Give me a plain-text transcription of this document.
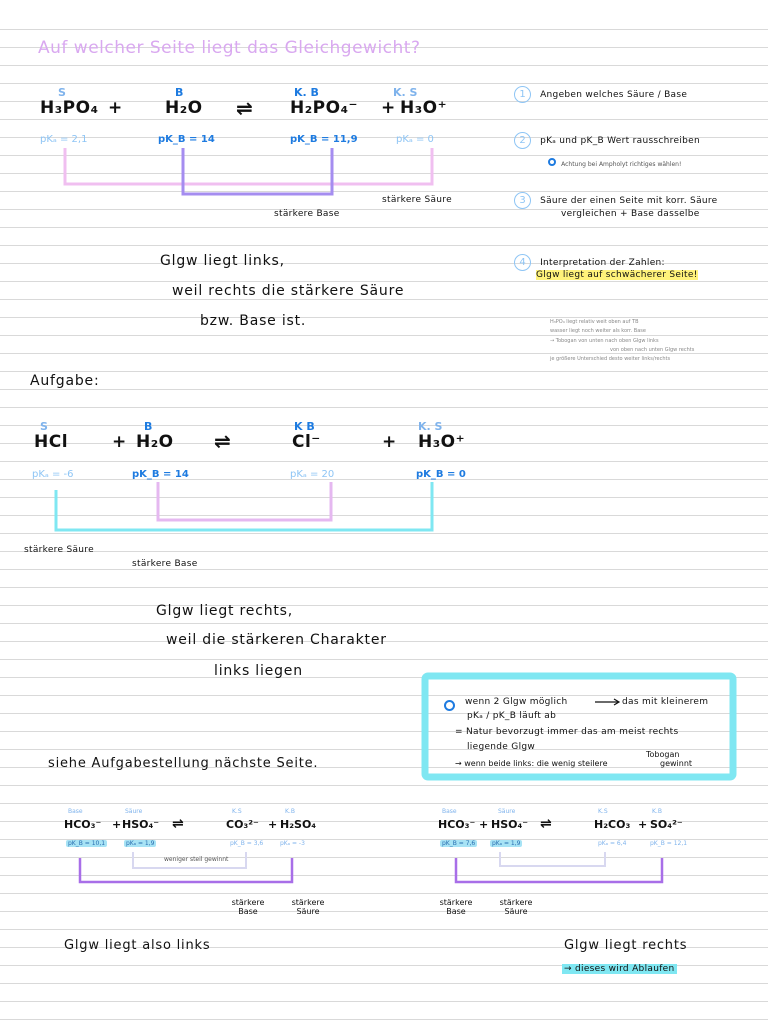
Auf welcher Seite liegt das Gleichgewicht?
S	B	K. B	K. S
H₃PO₄ + H₂O ⇌ H₂PO₄⁻ + H₃O⁺
pKₐ = 2,1	pK_B = 14	pK_B = 11,9	pKₐ = 0
stärkere Base
stärkere Säure
Glgw liegt links,
weil rechts die stärkere Säure
bzw. Base ist.
1 Angeben welches Säure / Base
2 pKₐ und pK_B Wert rausschreiben
Achtung bei Ampholyt richtiges wählen!
3 Säure der einen Seite mit korr. Säure
vergleichen + Base dasselbe
4 Interpretation der Zahlen:
Glgw liegt auf schwächerer Seite!
H₃PO₄ liegt relativ weit oben auf TB
wasser liegt noch weiter als korr. Base
→ Tobogan von unten nach oben Glgw links
von oben nach unten Glgw rechts
je größere Unterschied desto weiter links/rechts
Aufgabe:
S	B	K B	K. S
HCl	+ H₂O ⇌	Cl⁻	+ H₃O⁺
pKₐ = -6	pK_B = 14	pKₐ = 20	pK_B = 0
stärkere Säure
stärkere Base
Glgw liegt rechts,
weil die stärkeren Charakter
links liegen
wenn 2 Glgw möglich	das mit kleinerem
pKₐ / pK_B läuft ab
= Natur bevorzugt immer das am meist rechts
liegende Glgw
→ wenn beide links: die wenig steilere
Tobogan
gewinnt
siehe Aufgabestellung nächste Seite.
Base	Säure	K.S	K.B
HCO₃⁻ + HSO₄⁻ ⇌	CO₃²⁻ + H₂SO₄
pK_B = 10,1	pKₐ = 1,9	pK_B = 3,6	pKₐ = -3
weniger steil gewinnt
stärkere Base
stärkere Säure
Glgw liegt also links
Base	Säure	K.S	K.B
HCO₃⁻ + HSO₄⁻ ⇌	H₂CO₃ + SO₄²⁻
pK_B = 7,6	pKₐ = 1,9	pKₐ = 6,4	pK_B = 12,1
stärkere Base
stärkere Säure
Glgw liegt rechts
→ dieses wird Ablaufen
